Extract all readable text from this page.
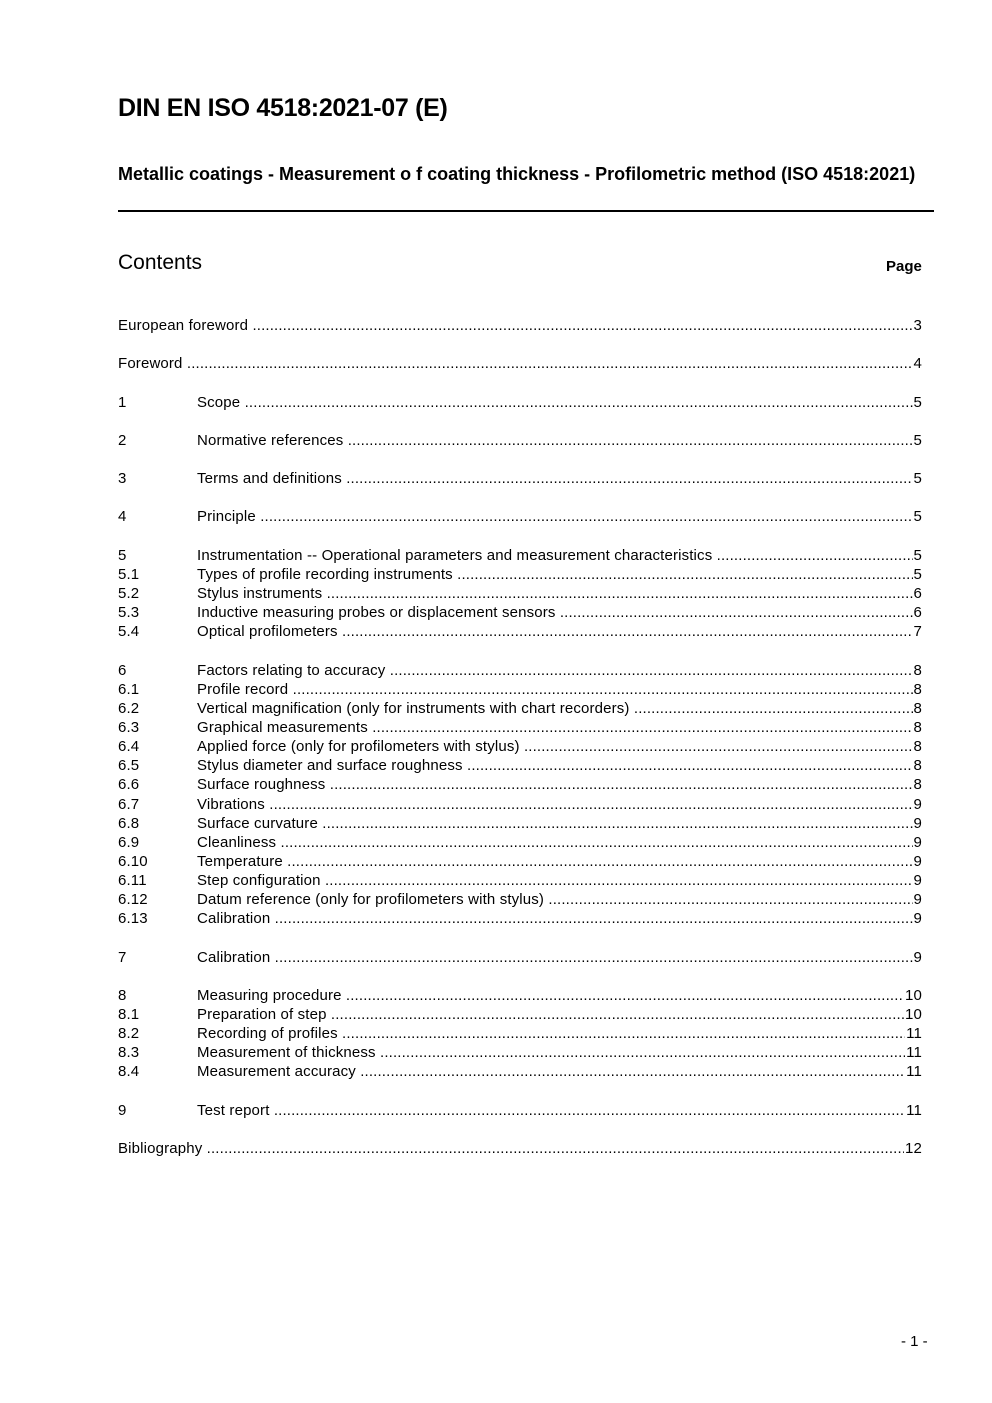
DIN EN ISO 4518:2021-07 (E)

Metallic coatings - Measurement o f coating thickness - Profilometric method (ISO 4518:2021)

Contents	Page
European foreword .....	3
Foreword .....	4
1	Scope .....	5
2	Normative references .....	5
3	Terms and definitions .....	5
4	Principle .....	5
5	Instrumentation -- Operational parameters and measurement characteristics .....	5
5.1	Types of profile recording instruments .....	5
5.2	Stylus instruments .....	6
5.3	Inductive measuring probes or displacement sensors .....	6
5.4	Optical profilometers .....	7
6	Factors relating to accuracy .....	8
6.1	Profile record .....	8
6.2	Vertical magnification (only for instruments with chart recorders) .....	8
6.3	Graphical measurements .....	8
6.4	Applied force (only for profilometers with stylus) .....	8
6.5	Stylus diameter and surface roughness .....	8
6.6	Surface roughness .....	8
6.7	Vibrations .....	9
6.8	Surface curvature .....	9
6.9	Cleanliness .....	9
6.10	Temperature .....	9
6.11	Step configuration .....	9
6.12	Datum reference (only for profilometers with stylus) .....	9
6.13	Calibration .....	9
7	Calibration .....	9
8	Measuring procedure .....	10
8.1	Preparation of step .....	10
8.2	Recording of profiles .....	11
8.3	Measurement of thickness .....	11
8.4	Measurement accuracy .....	11
9	Test report .....	11
Bibliography .....	12
- 1 -
